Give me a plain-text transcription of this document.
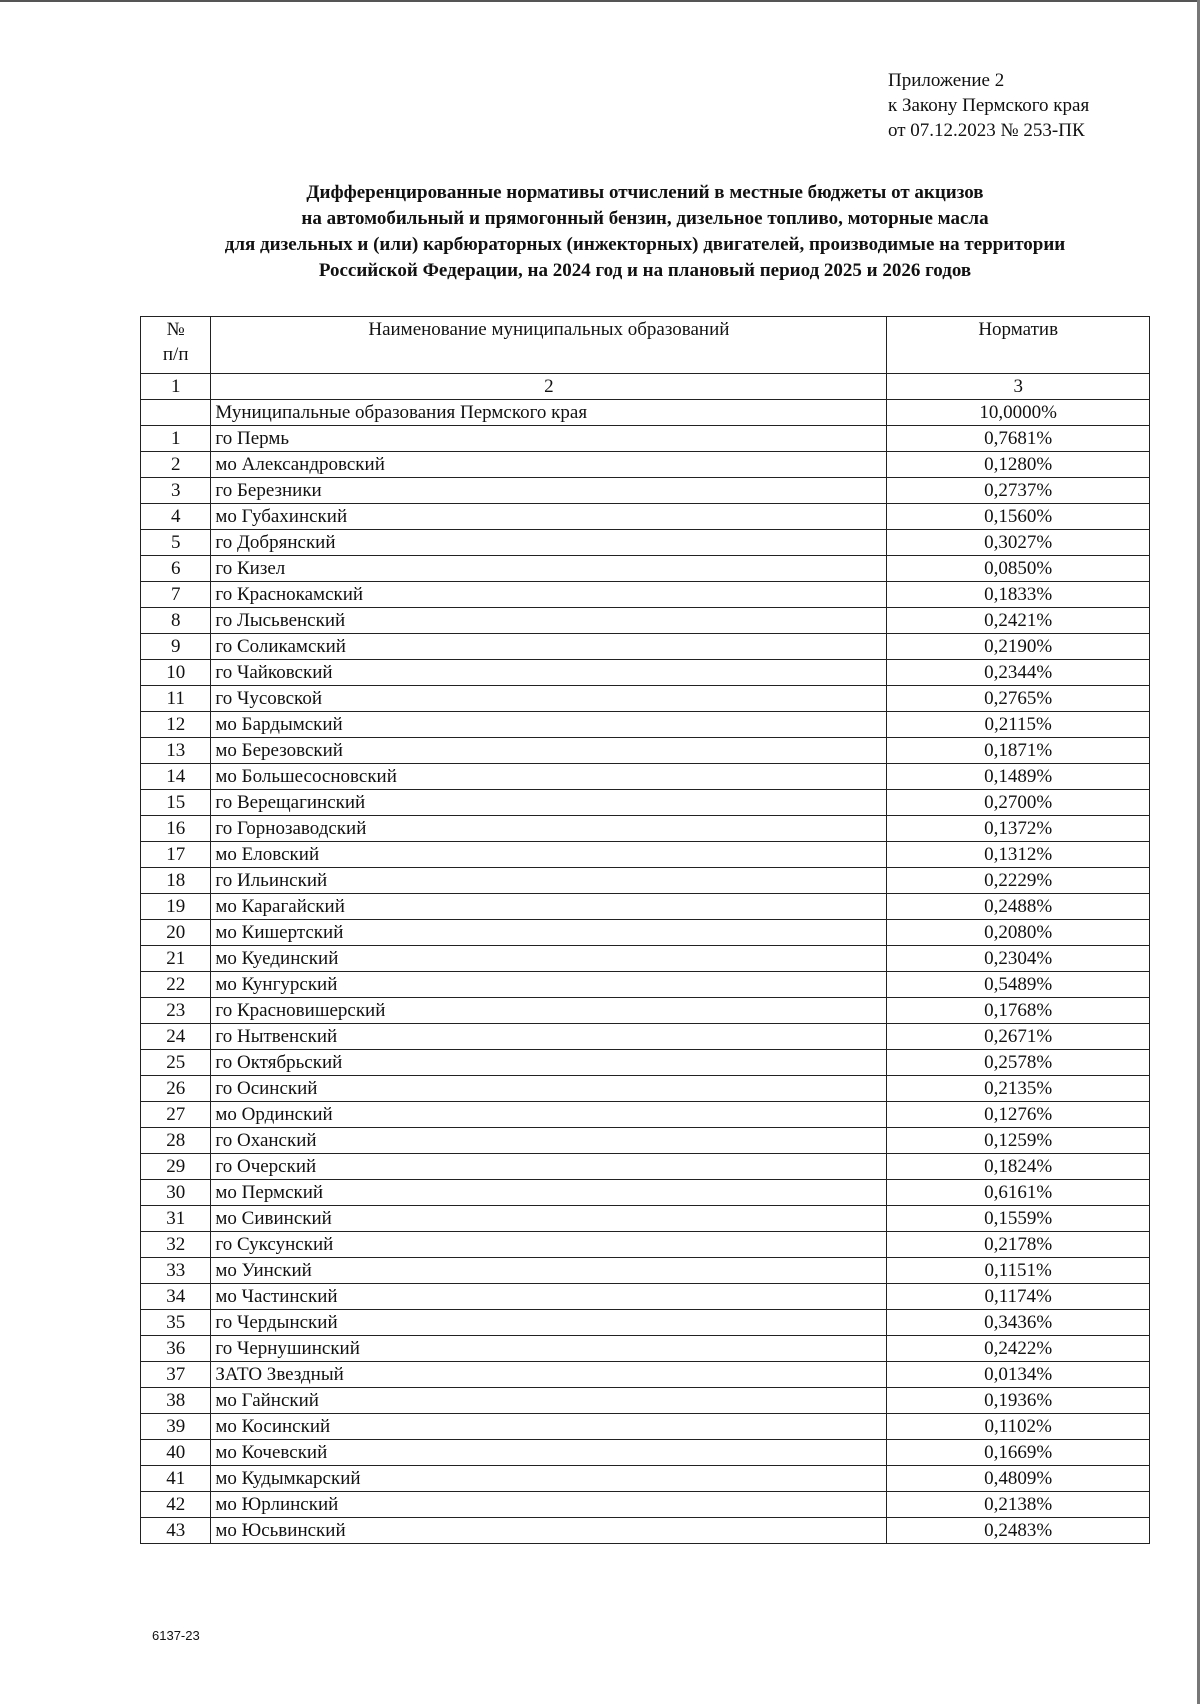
Приложение 2
к Закону Пермского края
от 07.12.2023 № 253-ПК
Дифференцированные нормативы отчислений в местные бюджеты от акцизов
на автомобильный и прямогонный бензин, дизельное топливо, моторные масла
для дизельных и (или) карбюраторных (инжекторных) двигателей, производимые на территории
Российской Федерации, на 2024 год и на плановый период 2025 и 2026 годов
№
п/п	Наименование муниципальных образований	Норматив
1	2	3
	Муниципальные образования Пермского края	10,0000%
1	го Пермь	0,7681%
2	мо Александровский	0,1280%
3	го Березники	0,2737%
4	мо Губахинский	0,1560%
5	го Добрянский	0,3027%
6	го Кизел	0,0850%
7	го Краснокамский	0,1833%
8	го Лысьвенский	0,2421%
9	го Соликамский	0,2190%
10	го Чайковский	0,2344%
11	го Чусовской	0,2765%
12	мо Бардымский	0,2115%
13	мо Березовский	0,1871%
14	мо Большесосновский	0,1489%
15	го Верещагинский	0,2700%
16	го Горнозаводский	0,1372%
17	мо Еловский	0,1312%
18	го Ильинский	0,2229%
19	мо Карагайский	0,2488%
20	мо Кишертский	0,2080%
21	мо Куединский	0,2304%
22	мо Кунгурский	0,5489%
23	го Красновишерский	0,1768%
24	го Нытвенский	0,2671%
25	го Октябрьский	0,2578%
26	го Осинский	0,2135%
27	мо Ординский	0,1276%
28	го Оханский	0,1259%
29	го Очерский	0,1824%
30	мо Пермский	0,6161%
31	мо Сивинский	0,1559%
32	го Суксунский	0,2178%
33	мо Уинский	0,1151%
34	мо Частинский	0,1174%
35	го Чердынский	0,3436%
36	го Чернушинский	0,2422%
37	ЗАТО Звездный	0,0134%
38	мо Гайнский	0,1936%
39	мо Косинский	0,1102%
40	мо Кочевский	0,1669%
41	мо Кудымкарский	0,4809%
42	мо Юрлинский	0,2138%
43	мо Юсьвинский	0,2483%
6137-23
